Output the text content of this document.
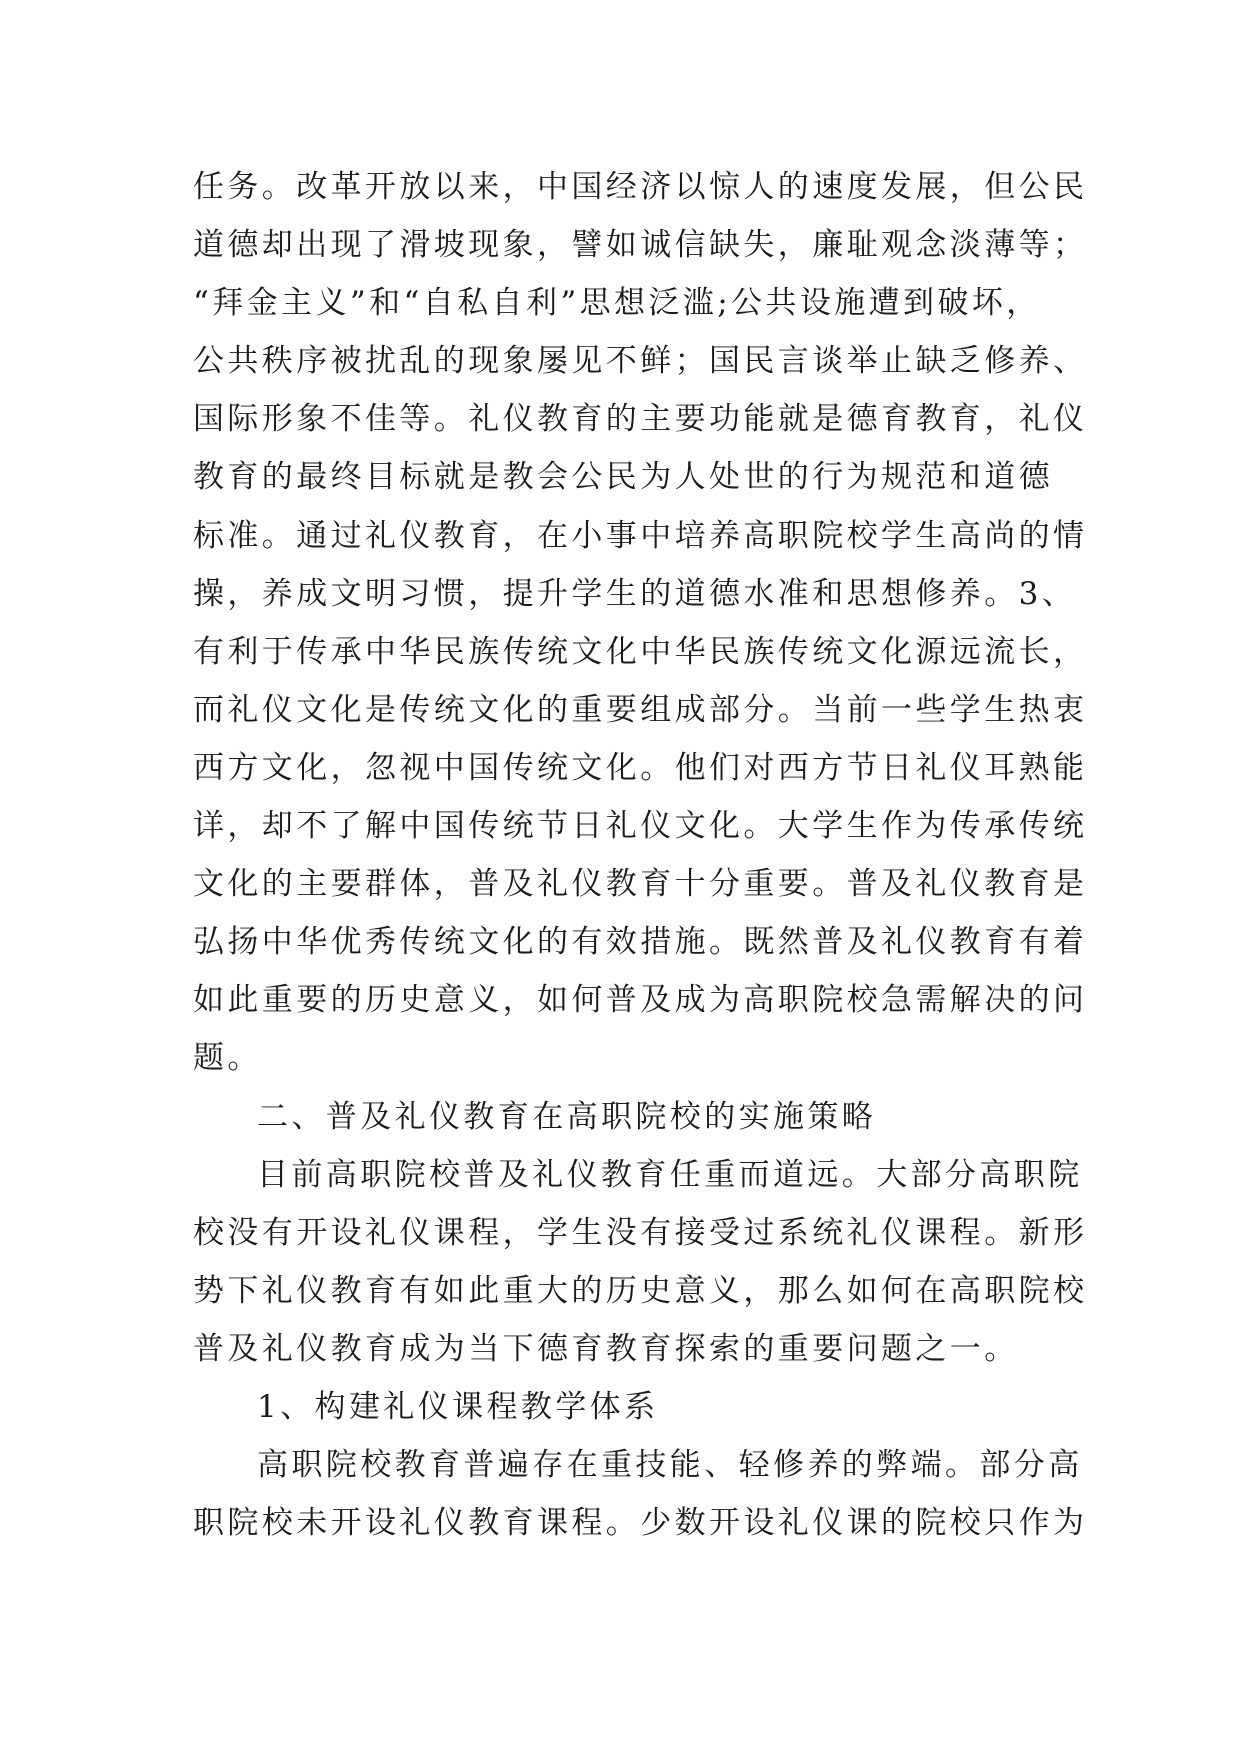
任务。改革开放以来，中国经济以惊人的速度发展，但公民
道德却出现了滑坡现象，譬如诚信缺失，廉耻观念淡薄等；
“拜金主义”和“自私自利”思想泛滥;公共设施遭到破坏，
公共秩序被扰乱的现象屡见不鲜；国民言谈举止缺乏修养、
国际形象不佳等。礼仪教育的主要功能就是德育教育，礼仪
教育的最终目标就是教会公民为人处世的行为规范和道德
标准。通过礼仪教育，在小事中培养高职院校学生高尚的情
操，养成文明习惯，提升学生的道德水准和思想修养。3、
有利于传承中华民族传统文化中华民族传统文化源远流长，
而礼仪文化是传统文化的重要组成部分。当前一些学生热衷
西方文化，忽视中国传统文化。他们对西方节日礼仪耳熟能
详，却不了解中国传统节日礼仪文化。大学生作为传承传统
文化的主要群体，普及礼仪教育十分重要。普及礼仪教育是
弘扬中华优秀传统文化的有效措施。既然普及礼仪教育有着
如此重要的历史意义，如何普及成为高职院校急需解决的问
题。
二、普及礼仪教育在高职院校的实施策略
目前高职院校普及礼仪教育任重而道远。大部分高职院
校没有开设礼仪课程，学生没有接受过系统礼仪课程。新形
势下礼仪教育有如此重大的历史意义，那么如何在高职院校
普及礼仪教育成为当下德育教育探索的重要问题之一。
1、构建礼仪课程教学体系
高职院校教育普遍存在重技能、轻修养的弊端。部分高
职院校未开设礼仪教育课程。少数开设礼仪课的院校只作为
